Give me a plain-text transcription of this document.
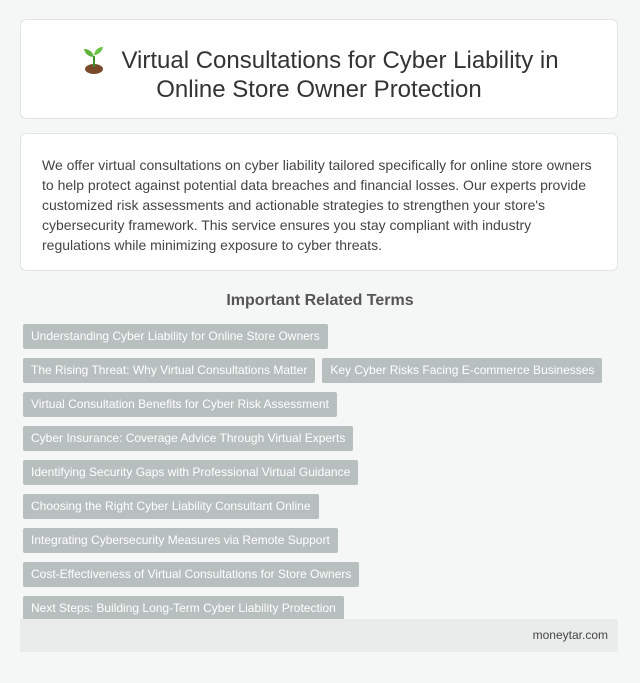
Virtual Consultations for Cyber Liability in
Online Store Owner Protection

We offer virtual consultations on cyber liability tailored specifically for online store owners to help protect against potential data breaches and financial losses. Our experts provide customized risk assessments and actionable strategies to strengthen your store's cybersecurity framework. This service ensures you stay compliant with industry regulations while minimizing exposure to cyber threats.

Important Related Terms
Understanding Cyber Liability for Online Store Owners
The Rising Threat: Why Virtual Consultations Matter	Key Cyber Risks Facing E-commerce Businesses
Virtual Consultation Benefits for Cyber Risk Assessment
Cyber Insurance: Coverage Advice Through Virtual Experts
Identifying Security Gaps with Professional Virtual Guidance
Choosing the Right Cyber Liability Consultant Online
Integrating Cybersecurity Measures via Remote Support
Cost-Effectiveness of Virtual Consultations for Store Owners
Next Steps: Building Long-Term Cyber Liability Protection
moneytar.com
